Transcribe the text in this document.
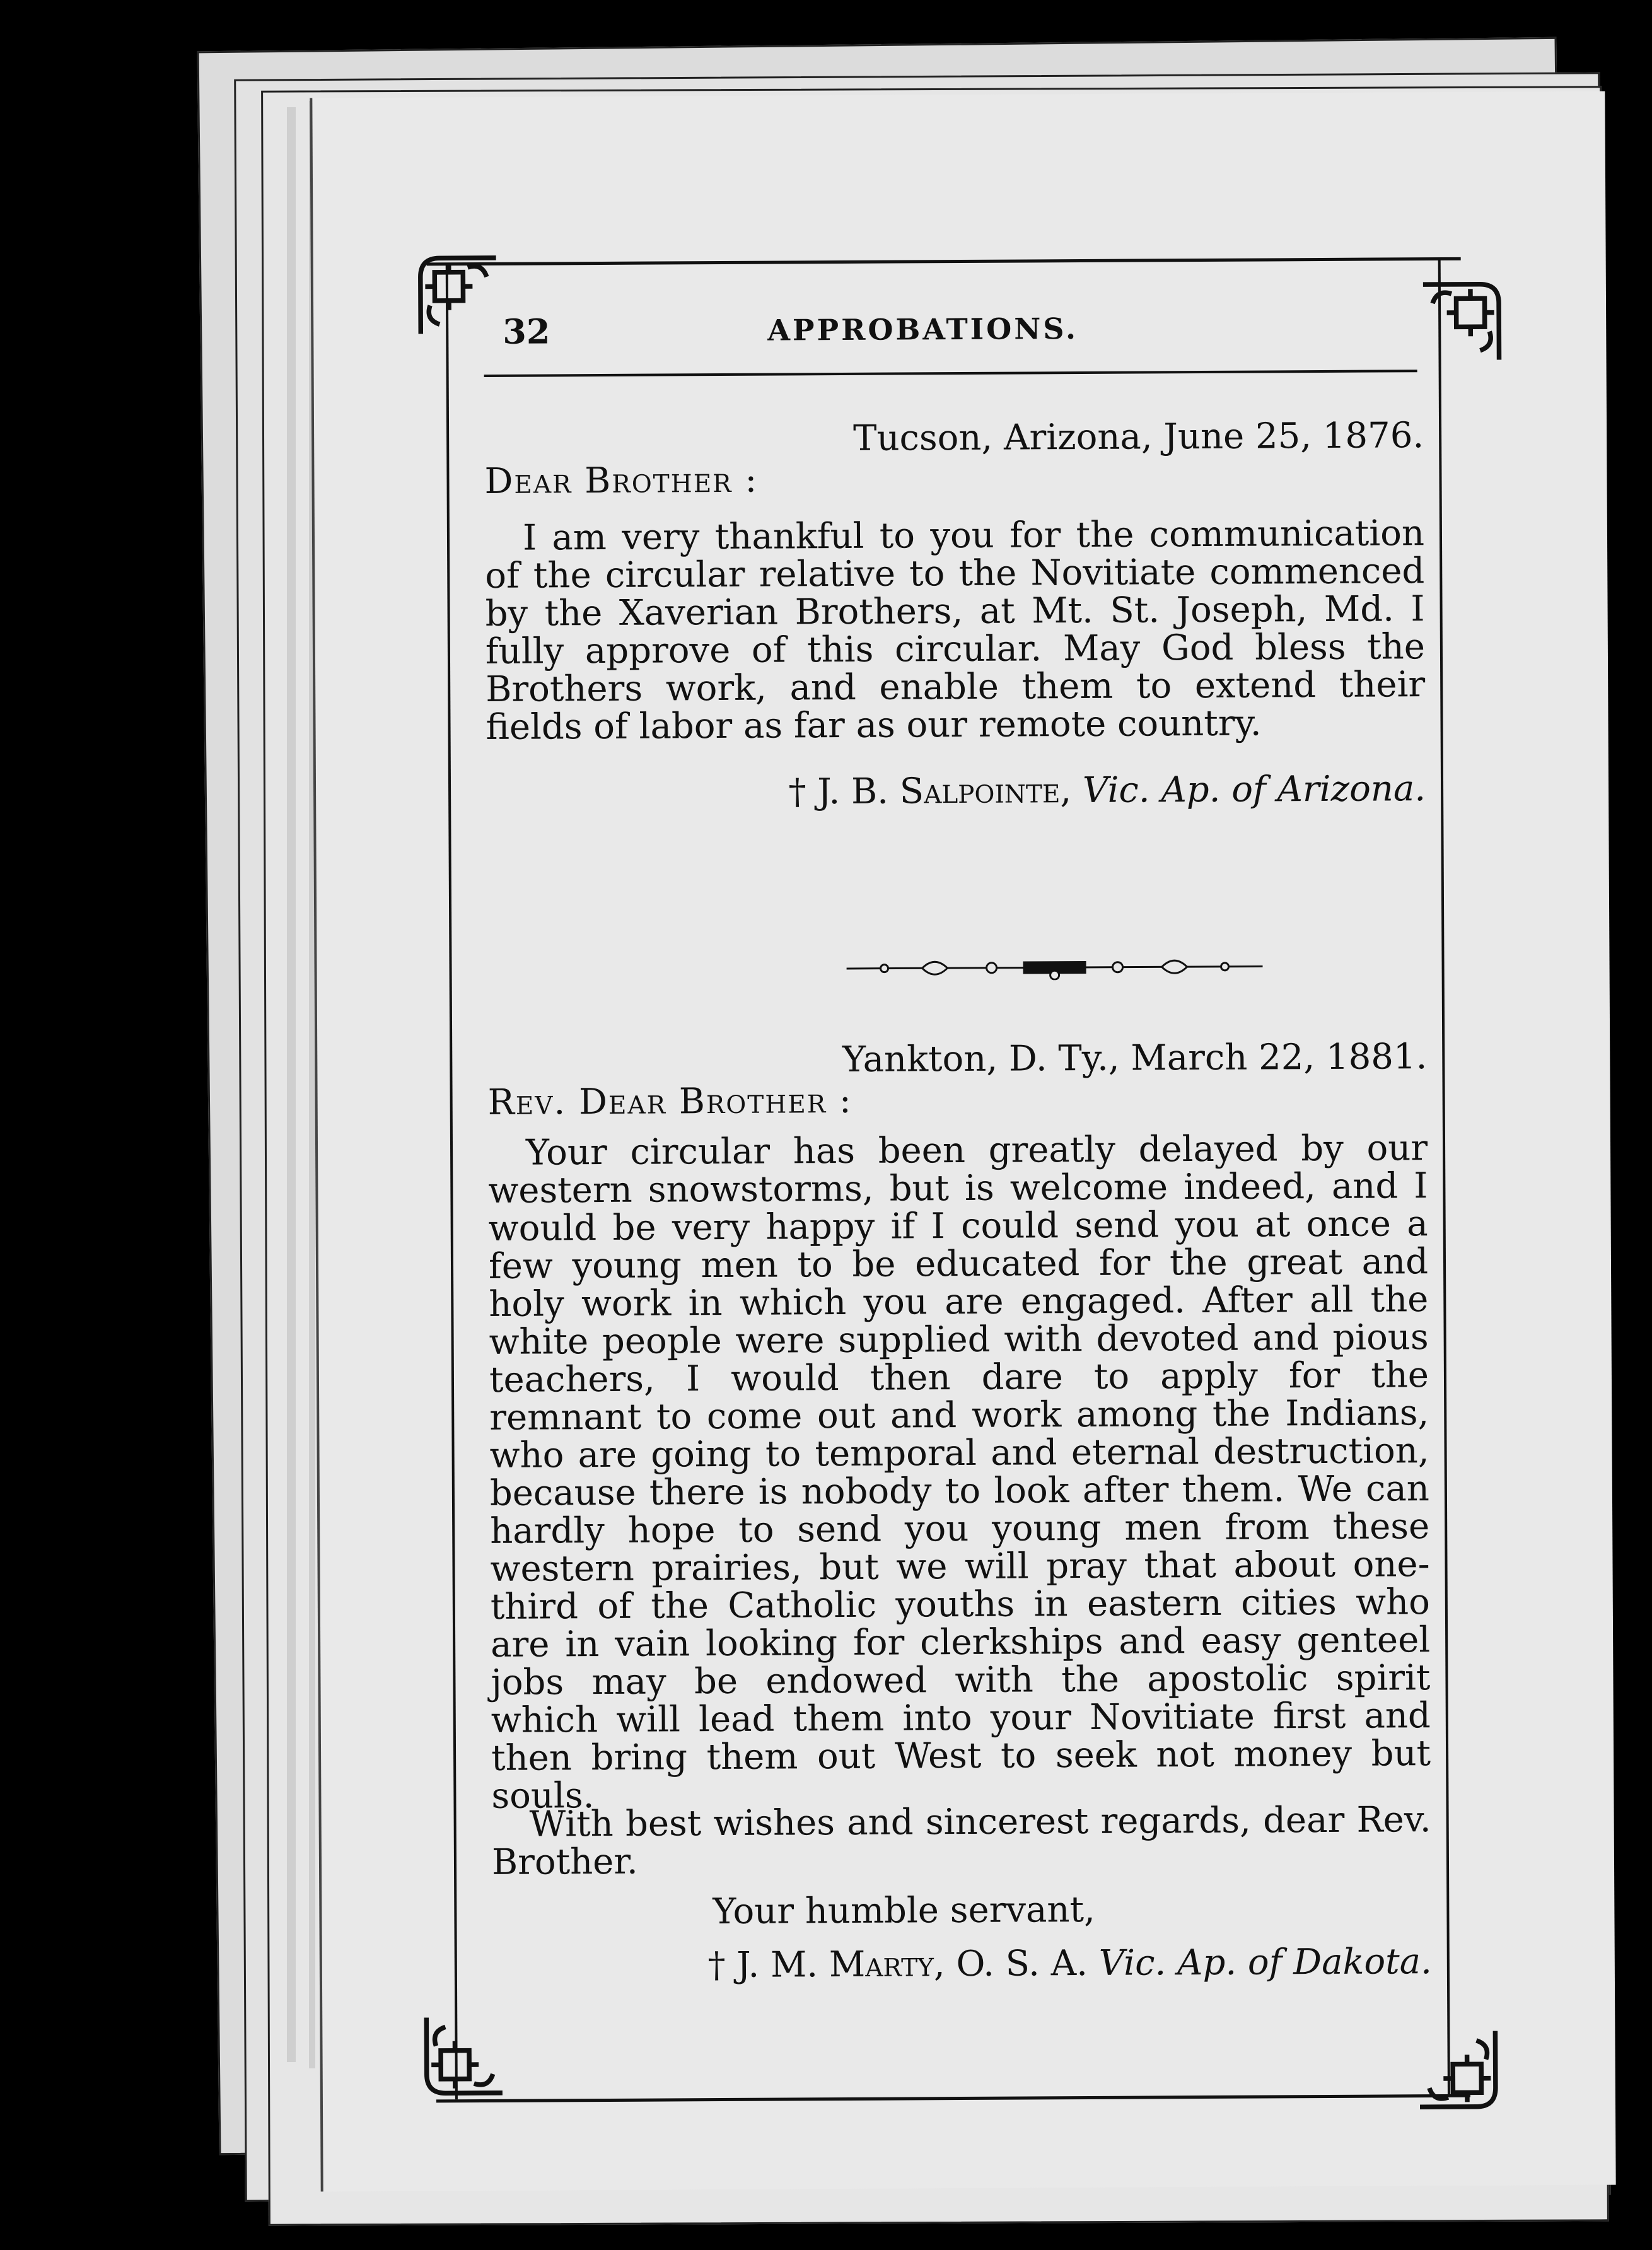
32	APPROBATIONS.
Tucson, Arizona, June 25, 1876.
Dear Brother :
I am very thankful to you for the communication of the circular relative to the Novitiate commenced by the Xaverian Brothers, at Mt. St. Joseph, Md. I fully approve of this circular. May God bless the Brothers work, and enable them to extend their fields of labor as far as our remote country.
† J. B. Salpointe, Vic. Ap. of Arizona.
Yankton, D. Ty., March 22, 1881.
Rev. Dear Brother :
Your circular has been greatly delayed by our western snowstorms, but is welcome indeed, and I would be very happy if I could send you at once a few young men to be educated for the great and holy work in which you are engaged. After all the white people were supplied with devoted and pious teachers, I would then dare to apply for the remnant to come out and work among the Indians, who are going to temporal and eternal destruction, because there is nobody to look after them. We can hardly hope to send you young men from these western prairies, but we will pray that about one-third of the Catholic youths in eastern cities who are in vain looking for clerkships and easy genteel jobs may be endowed with the apostolic spirit which will lead them into your Novitiate first and then bring them out West to seek not money but souls.
With best wishes and sincerest regards, dear Rev. Brother.
Your humble servant,
† J. M. Marty, O. S. A. Vic. Ap. of Dakota.
